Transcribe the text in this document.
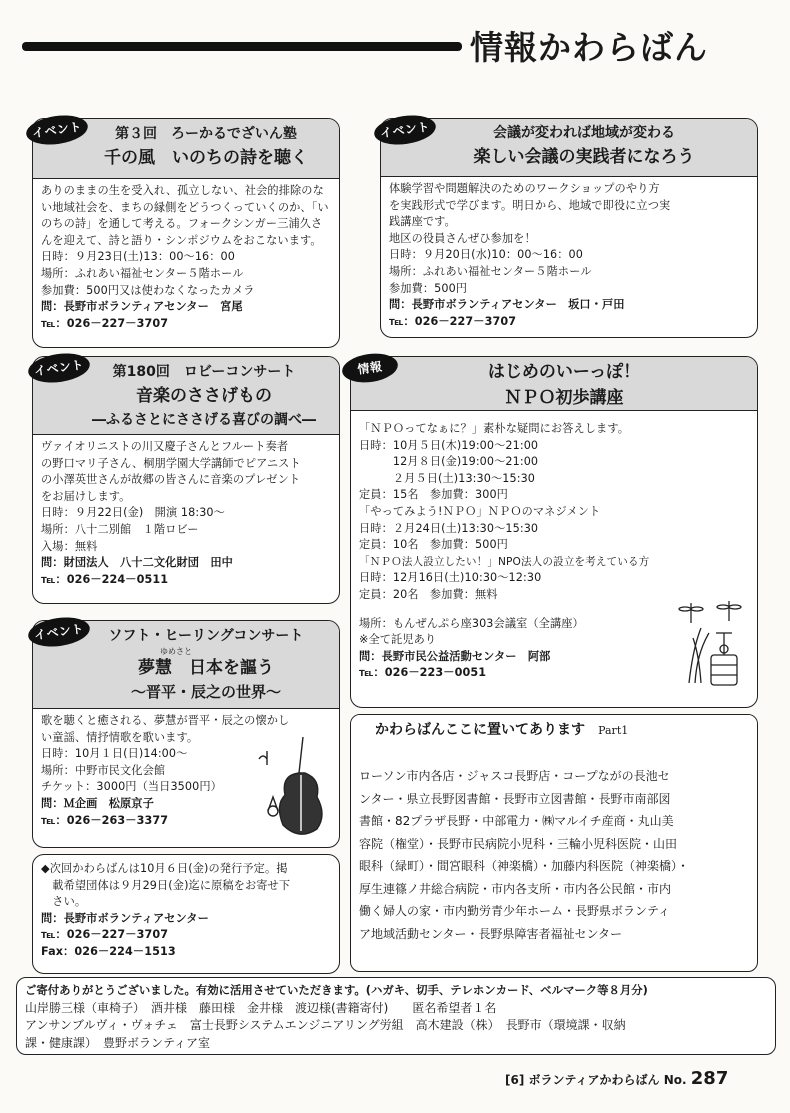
情報かわらばん
イベント	第３回　ろーかるでざいん塾
千の風　いのちの詩を聴く

ありのままの生を受入れ、孤立しない、社会的排除のな

い地域社会を、まちの縁側をどうつくっていくのか、「い

のちの詩」を通して考える。フォークシンガー三浦久さ

んを迎えて、詩と語り・シンポジウムをおこないます。

日時：９月23日(土)13：00～16：00

場所：ふれあい福祉センター５階ホール

参加費：500円又は使わなくなったカメラ

問：長野市ボランティアセンター　宮尾

℡：026－227－3707

イベント	会議が変われば地域が変わる
楽しい会議の実践者になろう

体験学習や問題解決のためのワークショップのやり方

を実践形式で学びます。明日から、地域で即役に立つ実

践講座です。

地区の役員さんぜひ参加を！

日時：９月20日(水)10：00～16：00

場所：ふれあい福祉センター５階ホール

参加費：500円

問：長野市ボランティアセンター　坂口・戸田

℡：026－227－3707

イベント	第180回　ロビーコンサート
音楽のささげもの
―ふるさとにささげる喜びの調べ―

ヴァイオリニストの川又慶子さんとフルート奏者

の野口マリ子さん、桐朋学園大学講師でピアニスト

の小澤英世さんが故郷の皆さんに音楽のプレゼント

をお届けします。

日時：９月22日(金)　開演 18:30～

場所：八十二別館　１階ロビー

入場：無料

問：財団法人　八十二文化財団　田中

℡：026－224－0511

情報	はじめのいーっぽ！
ＮＰＯ初歩講座

「ＮＰＯってなぁに？」素朴な疑問にお答えします。

日時：10月５日(木)19:00～21:00

　　　12月８日(金)19:00～21:00

　　　２月５日(土)13:30～15:30

定員：15名　参加費：300円

「やってみよう!ＮＰＯ」ＮＰＯのマネジメント

日時：２月24日(土)13:30～15:30

定員：10名　参加費：500円

「ＮＰＯ法人設立したい！」NPO法人の設立を考えている方

日時：12月16日(土)10:30～12:30

定員：20名　参加費：無料

場所：もんぜんぷら座303会議室（全講座）

※全て託児あり

問：長野市民公益活動センター　阿部

℡：026－223－0051

イベント	ソフト・ヒーリングコンサート
ゆめさと
夢慧　日本を謳う
～晋平・辰之の世界～

歌を聴くと癒される、夢慧が晋平・辰之の懐かし

い童謡、情抒情歌を歌います。

日時：10月１日(日)14:00～

場所：中野市民文化会館

チケット：3000円（当日3500円）

問：Ｍ企画　松原京子

℡：026－263－3377

◆次回かわらばんは10月６日(金)の発行予定。掲

　載希望団体は９月29日(金)迄に原稿をお寄せ下

　さい。

問：長野市ボランティアセンター

℡：026－227－3707

Fax：026－224－1513

かわらばんここに置いてあります Part1

ローソン市内各店・ジャスコ長野店・コープながの長池セ

ンター・県立長野図書館・長野市立図書館・長野市南部図

書館・82プラザ長野・中部電力・㈱マルイチ産商・丸山美

容院（権堂）・長野市民病院小児科・三輪小児科医院・山田

眼科（緑町）・間宮眼科（神楽橋）・加藤内科医院（神楽橋）・

厚生連篠ノ井総合病院・市内各支所・市内各公民館・市内

働く婦人の家・市内勤労青少年ホーム・長野県ボランティ

ア地域活動センター・長野県障害者福祉センター

ご寄付ありがとうございました。有効に活用させていただきます。(ハガキ、切手、テレホンカード、ベルマーク等８月分)

山岸勝三様（車椅子）　酒井様　藤田様　金井様　渡辺様(書籍寄付)　　匿名希望者１名

アンサンブルヴィ・ヴォチェ　富士長野システムエンジニアリング労組　高木建設（株）　長野市（環境課・収納

課・健康課）　豊野ボランティア室

[6] ボランティアかわらばん No. 287
